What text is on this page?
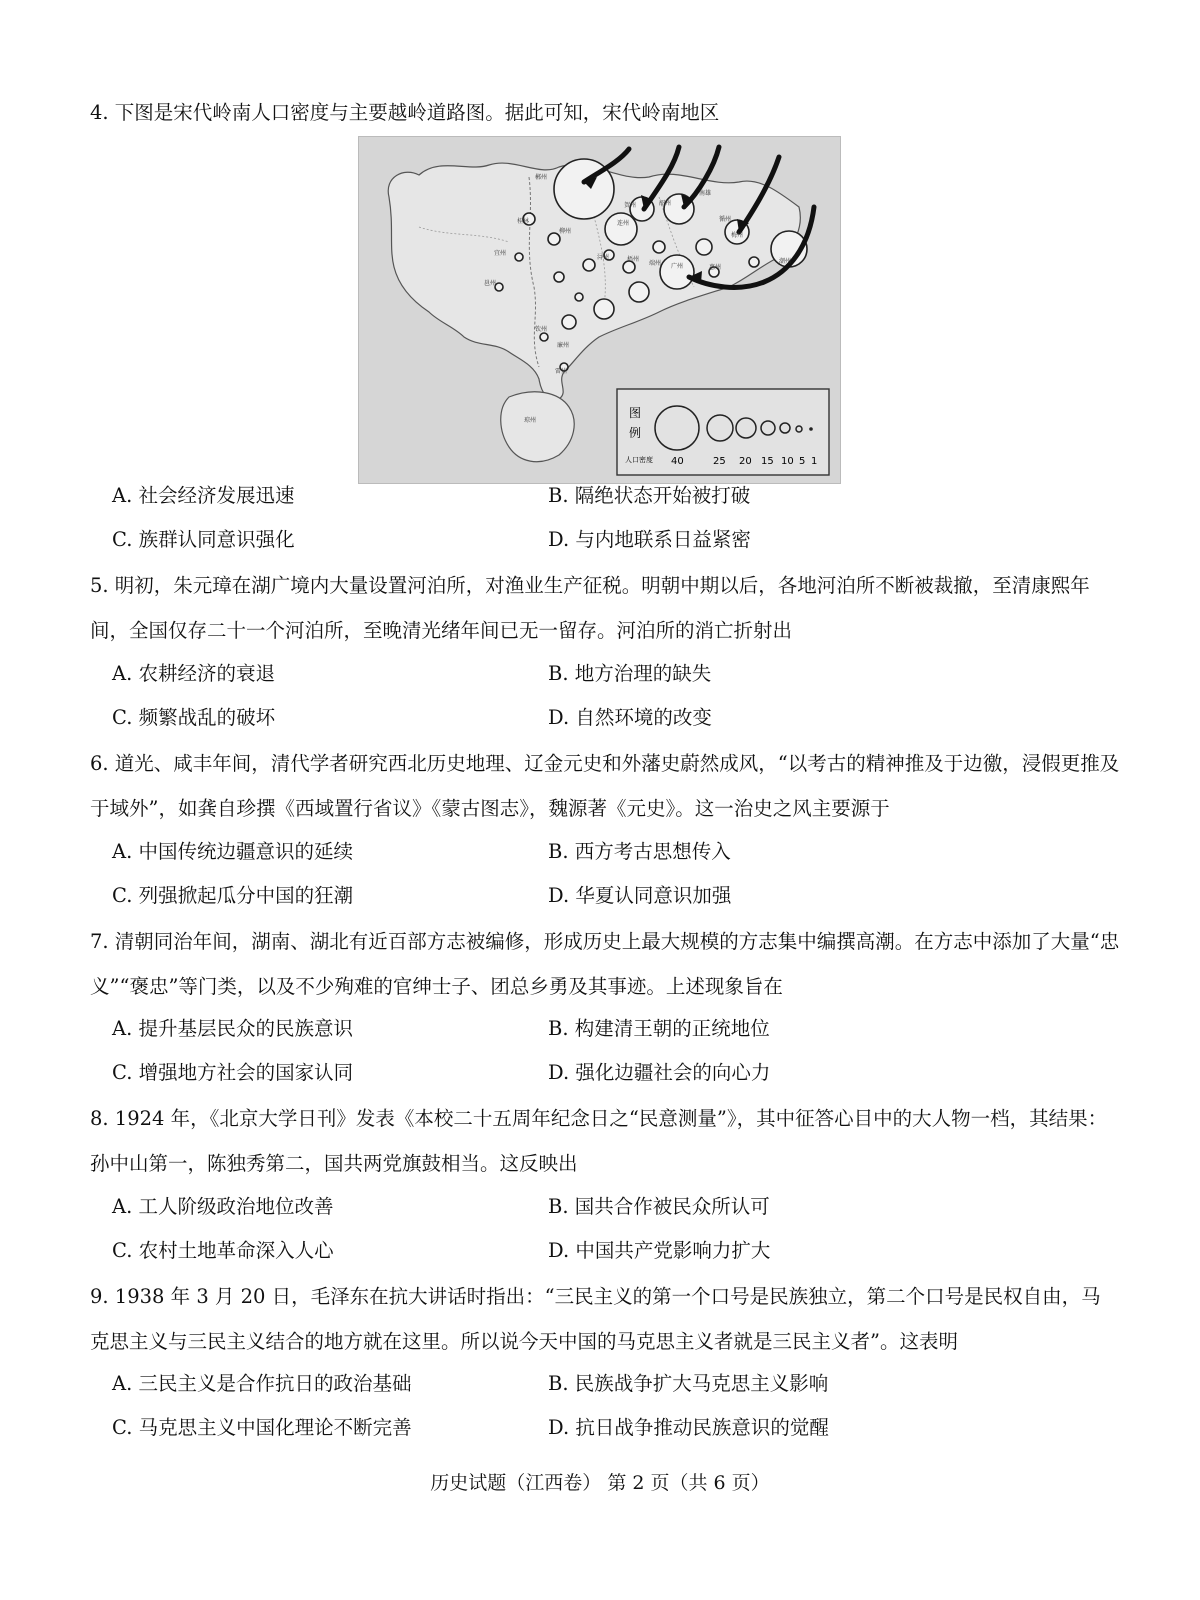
4. 下图是宋代岭南人口密度与主要越岭道路图。据此可知，宋代岭南地区

图
例
人口密度 40	25 20 15 10 5 1
郴州
桂林
贺州
连州
韶州
南雄
循州
梅州
潮州
柳州
宜州
邕州
浔州	梧州
端州 广州	惠州
钦州
廉州
雷州
琼州
A. 社会经济发展迅速	B. 隔绝状态开始被打破
C. 族群认同意识强化	D. 与内地联系日益紧密

5. 明初，朱元璋在湖广境内大量设置河泊所，对渔业生产征税。明朝中期以后，各地河泊所不断被裁撤，至清康熙年间，全国仅存二十一个河泊所，至晚清光绪年间已无一留存。河泊所的消亡折射出

A. 农耕经济的衰退	B. 地方治理的缺失
C. 频繁战乱的破坏	D. 自然环境的改变

6. 道光、咸丰年间，清代学者研究西北历史地理、辽金元史和外藩史蔚然成风，“以考古的精神推及于边徼，浸假更推及于域外”，如龚自珍撰《西域置行省议》《蒙古图志》，魏源著《元史》。这一治史之风主要源于

A. 中国传统边疆意识的延续	B. 西方考古思想传入
C. 列强掀起瓜分中国的狂潮	D. 华夏认同意识加强

7. 清朝同治年间，湖南、湖北有近百部方志被编修，形成历史上最大规模的方志集中编撰高潮。在方志中添加了大量“忠义”“褒忠”等门类，以及不少殉难的官绅士子、团总乡勇及其事迹。上述现象旨在

A. 提升基层民众的民族意识	B. 构建清王朝的正统地位
C. 增强地方社会的国家认同	D. 强化边疆社会的向心力

8. 1924 年，《北京大学日刊》发表《本校二十五周年纪念日之“民意测量”》，其中征答心目中的大人物一档，其结果：孙中山第一，陈独秀第二，国共两党旗鼓相当。这反映出

A. 工人阶级政治地位改善	B. 国共合作被民众所认可
C. 农村土地革命深入人心	D. 中国共产党影响力扩大

9. 1938 年 3 月 20 日，毛泽东在抗大讲话时指出：“三民主义的第一个口号是民族独立，第二个口号是民权自由，马克思主义与三民主义结合的地方就在这里。所以说今天中国的马克思主义者就是三民主义者”。这表明

A. 三民主义是合作抗日的政治基础	B. 民族战争扩大马克思主义影响
C. 马克思主义中国化理论不断完善	D. 抗日战争推动民族意识的觉醒
历史试题（江西卷） 第 2 页（共 6 页）
